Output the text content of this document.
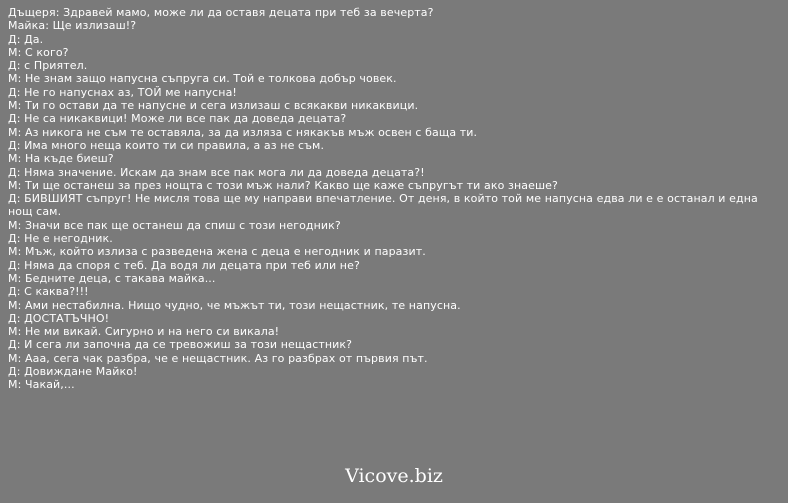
Дъщеря: Здравей мамо, може ли да оставя децата при теб за вечерта?
Майка: Ще излизаш!?
Д: Да.
М: С кого?
Д: с Приятел.
М: Не знам защо напусна съпруга си. Той е толкова добър човек.
Д: Не го напуснах аз, ТОЙ ме напусна!
М: Ти го остави да те напусне и сега излизаш с всякакви никаквици.
Д: Не са никаквици! Може ли все пак да доведа децата?
М: Аз никога не съм те оставяла, за да изляза с някакъв мъж освен с баща ти.
Д: Има много неща които ти си правила, а аз не съм.
М: На къде биеш?
Д: Няма значение. Искам да знам все пак мога ли да доведа децата?!
М: Ти ще останеш за през нощта с този мъж нали? Какво ще каже съпругът ти ако знаеше?
Д: БИВШИЯТ съпруг! Не мисля това ще му направи впечатление. От деня, в който той ме напусна едва ли е е останал и една нощ сам.
М: Значи все пак ще останеш да спиш с този негодник?
Д: Не е негодник.
М: Мъж, който излиза с разведена жена с деца е негодник и паразит.
Д: Няма да споря с теб. Да водя ли децата при теб или не?
М: Бедните деца, с такава майка...
Д: С каква?!!!
М: Ами нестабилна. Нищо чудно, че мъжът ти, този нещастник, те напусна.
Д: ДОСТАТЪЧНО!
М: Не ми викай. Сигурно и на него си викала!
Д: И сега ли започна да се тревожиш за този нещастник?
М: Ааа, сега чак разбра, че е нещастник. Аз го разбрах от първия път.
Д: Довиждане Майко!
М: Чакай,...
Vicove.biz
